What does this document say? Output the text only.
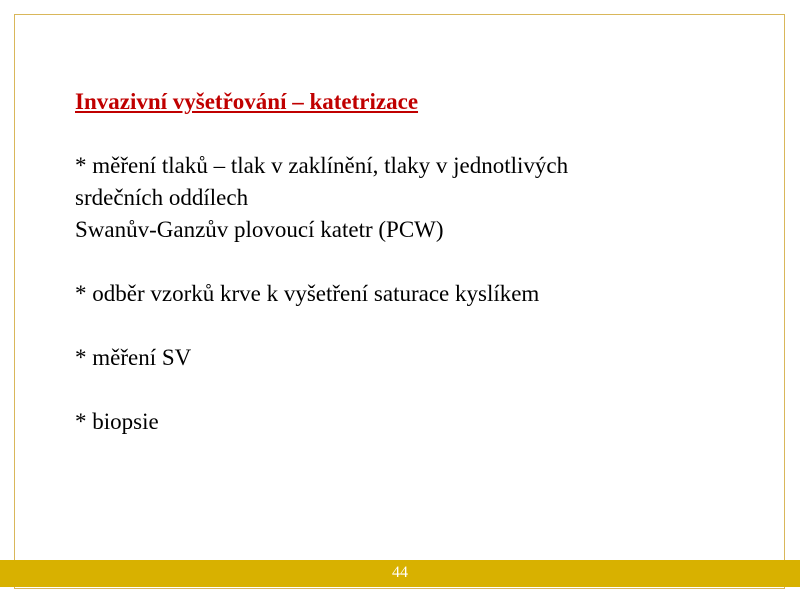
Invazivní vyšetřování – katetrizace
* měření tlaků – tlak v zaklínění, tlaky v jednotlivých
srdečních oddílech
Swanův-Ganzův plovoucí katetr (PCW)
* odběr vzorků krve k vyšetření saturace kyslíkem
* měření SV
* biopsie
44
